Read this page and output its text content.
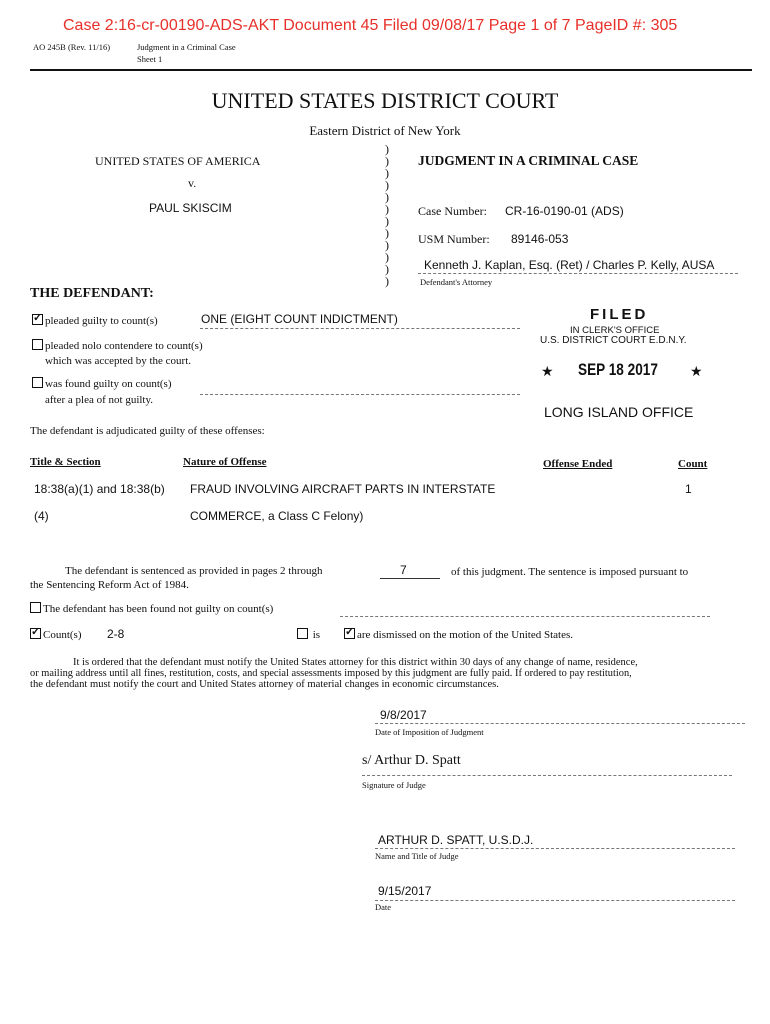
Case 2:16-cr-00190-ADS-AKT Document 45 Filed 09/08/17 Page 1 of 7 PageID #: 305
AO 245B (Rev. 11/16)	Judgment in a Criminal Case
Sheet 1
UNITED STATES DISTRICT COURT
Eastern District of New York
UNITED STATES OF AMERICA
v.
PAUL SKISCIM
)
)
)
)
)
)
)
)
)
)
)
)
JUDGMENT IN A CRIMINAL CASE
Case Number: CR-16-0190-01 (ADS)
USM Number: 89146-053
Kenneth J. Kaplan, Esq. (Ret) / Charles P. Kelly, AUSA
Defendant's Attorney
THE DEFENDANT:
✓pleaded guilty to count(s)	ONE (EIGHT COUNT INDICTMENT)
pleaded nolo contendere to count(s)
which was accepted by the court.
was found guilty on count(s)
after a plea of not guilty.
FILED
IN CLERK'S OFFICE
U.S. DISTRICT COURT E.D.N.Y.
★ SEP 18 2017 ★
LONG ISLAND OFFICE
The defendant is adjudicated guilty of these offenses:
Title & Section	Nature of Offense	Offense Ended	Count
18:38(a)(1) and 18:38(b) FRAUD INVOLVING AIRCRAFT PARTS IN INTERSTATE	1
(4)	COMMERCE, a Class C Felony)
The defendant is sentenced as provided in pages 2 through	7	of this judgment. The sentence is imposed pursuant to
the Sentencing Reform Act of 1984.
The defendant has been found not guilty on count(s)
✓Count(s) 2-8	is
✓	are dismissed on the motion of the United States.
It is ordered that the defendant must notify the United States attorney for this district within 30 days of any change of name, residence,
or mailing address until all fines, restitution, costs, and special assessments imposed by this judgment are fully paid. If ordered to pay restitution,
the defendant must notify the court and United States attorney of material changes in economic circumstances.
9/8/2017
Date of Imposition of Judgment
s/ Arthur D. Spatt
Signature of Judge
ARTHUR D. SPATT, U.S.D.J.
Name and Title of Judge
9/15/2017
Date
